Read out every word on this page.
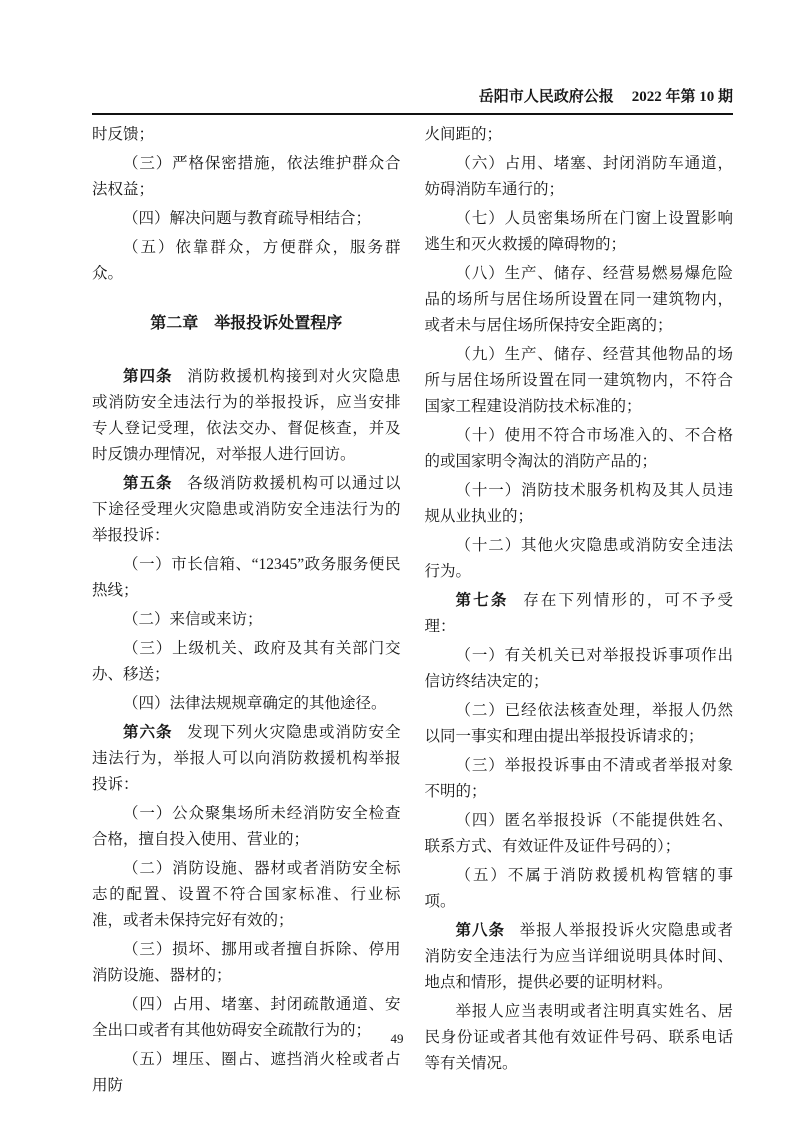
岳阳市人民政府公报 2022 年第 10 期

时反馈；

（三）严格保密措施，依法维护群众合法权益；

（四）解决问题与教育疏导相结合；

（五）依靠群众，方便群众，服务群众。

第二章　举报投诉处置程序

第四条 消防救援机构接到对火灾隐患或消防安全违法行为的举报投诉，应当安排专人登记受理，依法交办、督促核查，并及时反馈办理情况，对举报人进行回访。

第五条 各级消防救援机构可以通过以下途径受理火灾隐患或消防安全违法行为的举报投诉：

（一）市长信箱、“12345”政务服务便民热线；

（二）来信或来访；

（三）上级机关、政府及其有关部门交办、移送；

（四）法律法规规章确定的其他途径。

第六条 发现下列火灾隐患或消防安全违法行为，举报人可以向消防救援机构举报投诉：

（一）公众聚集场所未经消防安全检查合格，擅自投入使用、营业的；

（二）消防设施、器材或者消防安全标志的配置、设置不符合国家标准、行业标准，或者未保持完好有效的；

（三）损坏、挪用或者擅自拆除、停用消防设施、器材的；

（四）占用、堵塞、封闭疏散通道、安全出口或者有其他妨碍安全疏散行为的；

（五）埋压、圈占、遮挡消火栓或者占用防

火间距的；

（六）占用、堵塞、封闭消防车通道，妨碍消防车通行的；

（七）人员密集场所在门窗上设置影响逃生和灭火救援的障碍物的；

（八）生产、储存、经营易燃易爆危险品的场所与居住场所设置在同一建筑物内，或者未与居住场所保持安全距离的；

（九）生产、储存、经营其他物品的场所与居住场所设置在同一建筑物内，不符合国家工程建设消防技术标准的；

（十）使用不符合市场准入的、不合格的或国家明令淘汰的消防产品的；

（十一）消防技术服务机构及其人员违规从业执业的；

（十二）其他火灾隐患或消防安全违法行为。

第七条 存在下列情形的，可不予受理：

（一）有关机关已对举报投诉事项作出信访终结决定的；

（二）已经依法核查处理，举报人仍然以同一事实和理由提出举报投诉请求的；

（三）举报投诉事由不清或者举报对象不明的；

（四）匿名举报投诉（不能提供姓名、联系方式、有效证件及证件号码的）；

（五）不属于消防救援机构管辖的事项。

第八条 举报人举报投诉火灾隐患或者消防安全违法行为应当详细说明具体时间、地点和情形，提供必要的证明材料。

举报人应当表明或者注明真实姓名、居民身份证或者其他有效证件号码、联系电话等有关情况。

49
